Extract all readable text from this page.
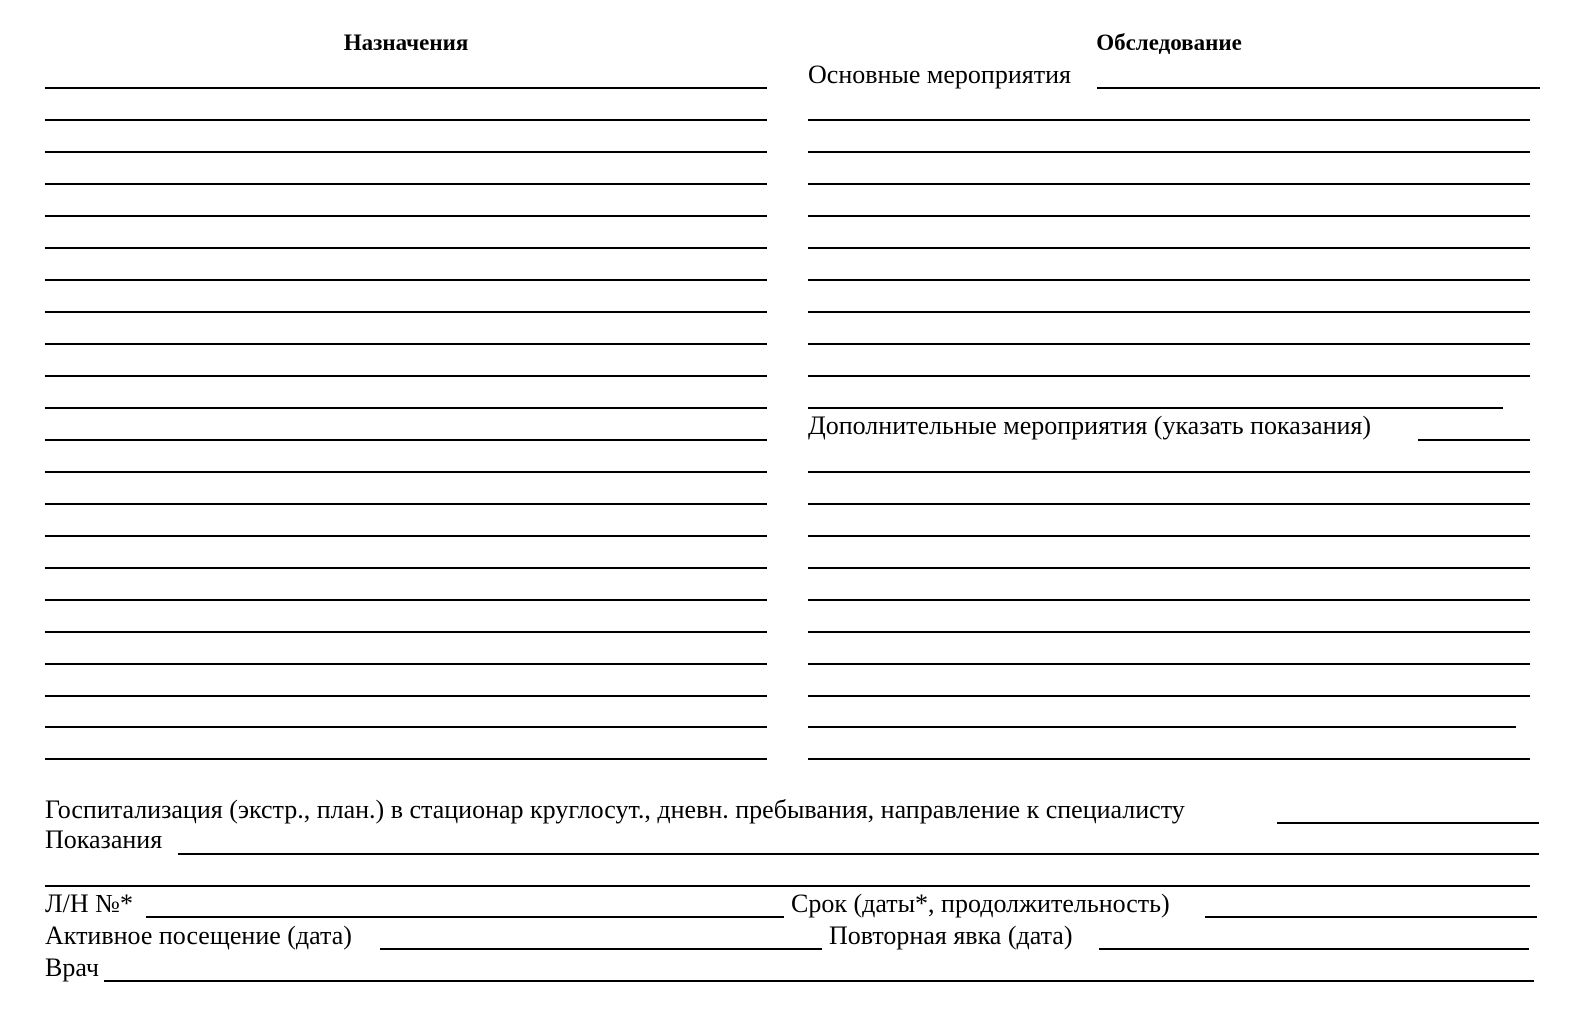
Назначения	Обследование
Основные мероприятия
Дополнительные мероприятия (указать показания)
Госпитализация (экстр., план.) в стационар круглосут., дневн. пребывания, направление к специалисту
Показания
Л/Н №*	Срок (даты*, продолжительность)
Активное посещение (дата)	Повторная явка (дата)
Врач
